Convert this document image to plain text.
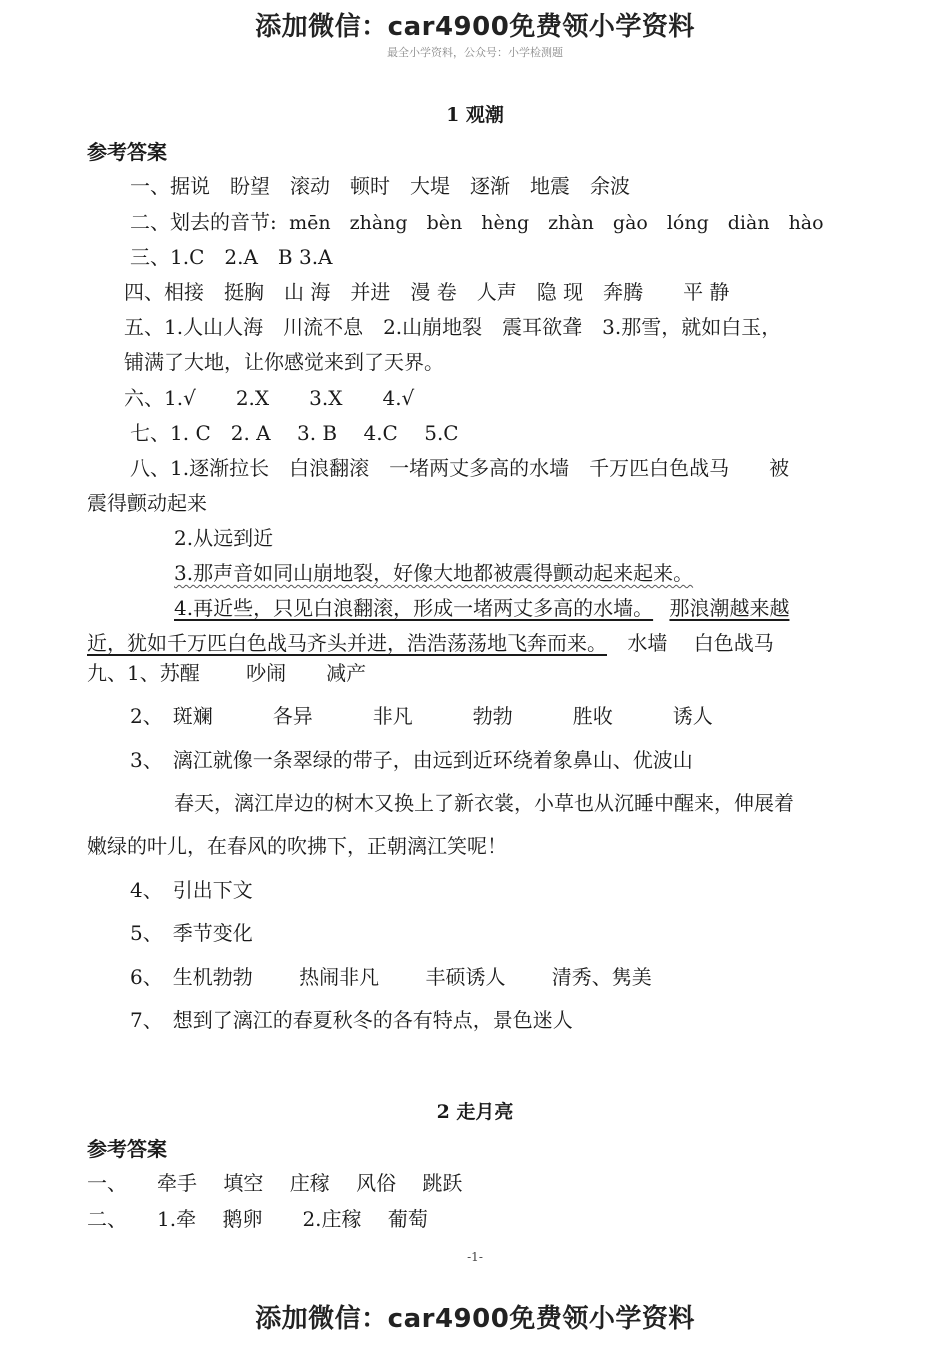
添加微信：car4900免费领小学资料
最全小学资料，公众号：小学检测题
1 观潮
参考答案
一、据说　盼望　滚动　顿时　大堤　逐渐　地震　余波
二、划去的音节: mēn　zhàng　bèn　hèng　zhàn　gào　lóng　diàn　hào
三、1.C　2.A　B 3.A
四、相接　挺胸　山 海　并进　漫 卷　人声　隐 现　奔腾　　平 静
五、1.人山人海　川流不息　2.山崩地裂　震耳欲聋　3.那雪，就如白玉，
铺满了大地，让你感觉来到了天界。
六、1.√　　2.X　　3.X　　4.√
七、1. C　2. A　 3. B　 4.C　 5.C
八、1.逐渐拉长　白浪翻滚　一堵两丈多高的水墙　千万匹白色战马　　被
震得颤动起来
2.从远到近
3.那声音如同山崩地裂，好像大地都被震得颤动起来起来。
4.再近些，只见白浪翻滚，形成一堵两丈多高的水墙。 那浪潮越来越
近，犹如千万匹白色战马齐头并进，浩浩荡荡地飞奔而来。 水墙　 白色战马
九、1、苏醒　　 吵闹　　减产
2、　斑斓　　　各异　　　非凡　　　勃勃　　　胜收　　　诱人
3、　漓江就像一条翠绿的带子，由远到近环绕着象鼻山、优波山
春天，漓江岸边的树木又换上了新衣裳，小草也从沉睡中醒来，伸展着
嫩绿的叶儿，在春风的吹拂下，正朝漓江笑呢！
4、　引出下文
5、　季节变化
6、　生机勃勃　　 热闹非凡　　 丰硕诱人　　 清秀、隽美
7、　想到了漓江的春夏秋冬的各有特点，景色迷人
2 走月亮
参考答案
一、　　牵手　 填空　 庄稼　 风俗　 跳跃
二、　　1.牵　 鹅卵　　2.庄稼　 葡萄
-1-
添加微信：car4900免费领小学资料
